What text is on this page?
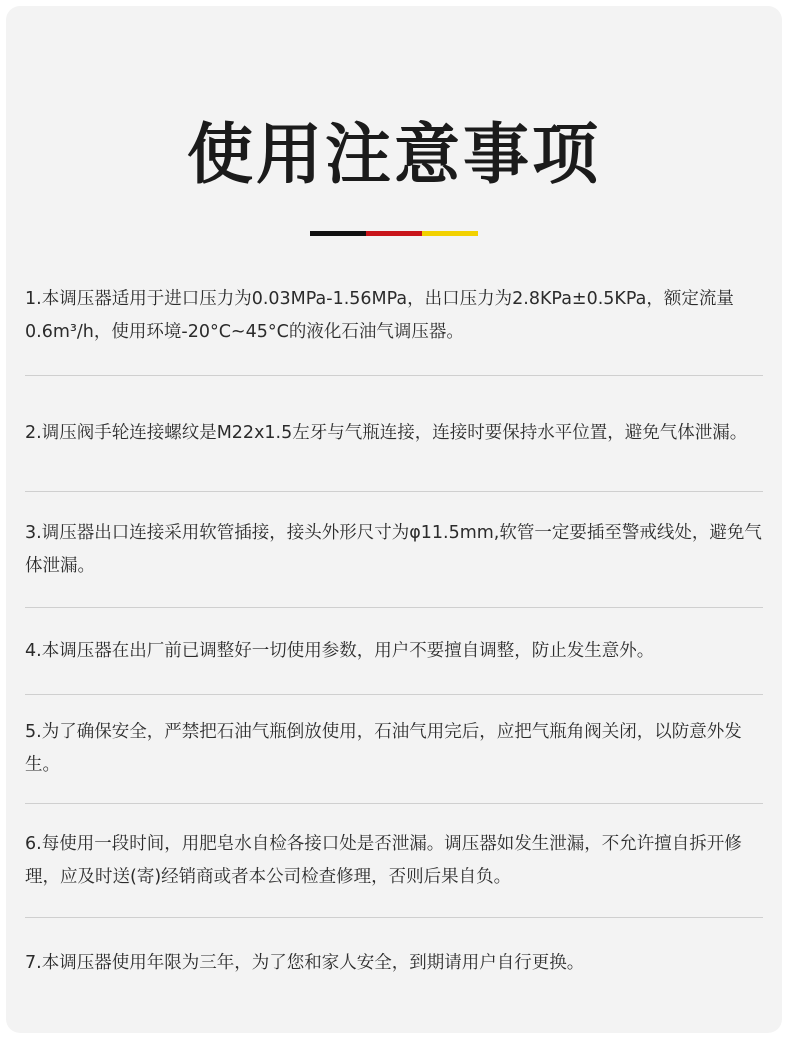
使用注意事项

1.本调压器适用于进口压力为0.03MPa-1.56MPa，出口压力为2.8KPa±0.5KPa，额定流量0.6m³/h，使用环境-20°C~45°C的液化石油气调压器。

2.调压阀手轮连接螺纹是M22x1.5左牙与气瓶连接，连接时要保持水平位置，避免气体泄漏。

3.调压器出口连接采用软管插接，接头外形尺寸为φ11.5mm,软管一定要插至警戒线处，避免气体泄漏。

4.本调压器在出厂前已调整好一切使用参数，用户不要擅自调整，防止发生意外。

5.为了确保安全，严禁把石油气瓶倒放使用，石油气用完后，应把气瓶角阀关闭，以防意外发生。

6.每使用一段时间，用肥皂水自检各接口处是否泄漏。调压器如发生泄漏，不允许擅自拆开修理，应及时送(寄)经销商或者本公司检查修理，否则后果自负。

7.本调压器使用年限为三年，为了您和家人安全，到期请用户自行更换。
